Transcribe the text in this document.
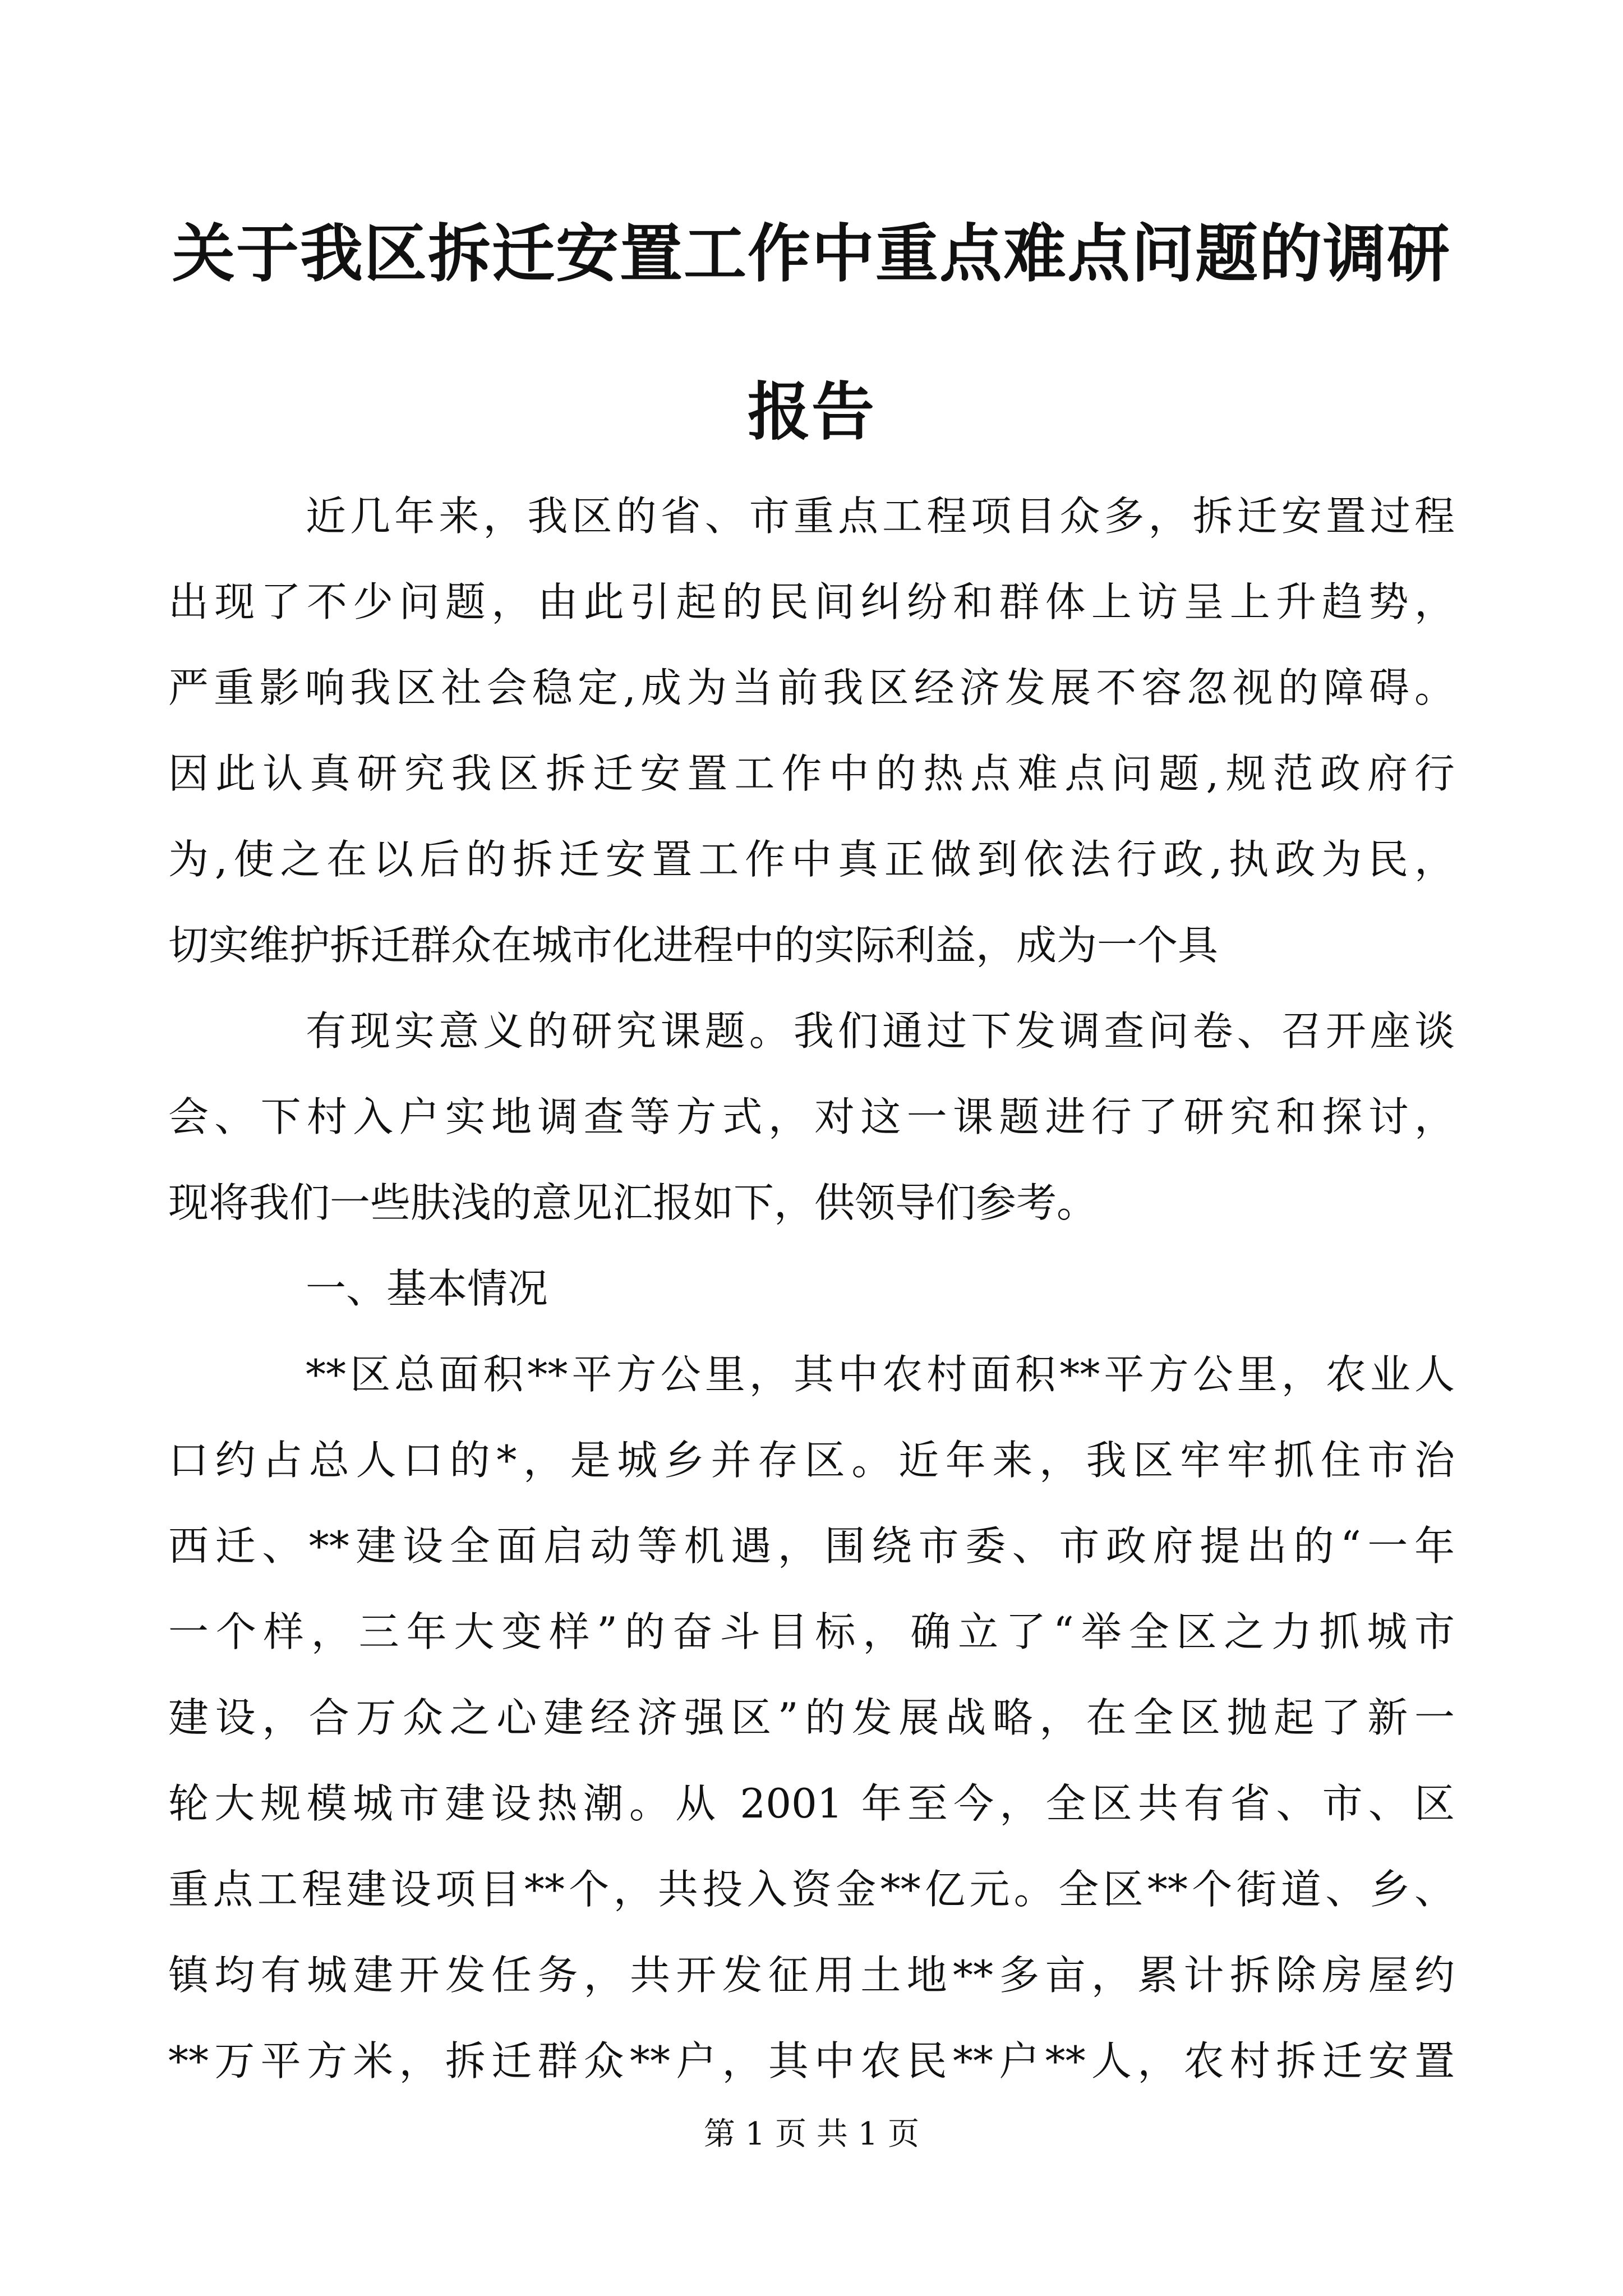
关于我区拆迁安置工作中重点难点问题的调研
报告

近几年来，我区的省、市重点工程项目众多，拆迁安置过程

出现了不少问题，由此引起的民间纠纷和群体上访呈上升趋势，

严重影响我区社会稳定,成为当前我区经济发展不容忽视的障碍。

因此认真研究我区拆迁安置工作中的热点难点问题,规范政府行

为,使之在以后的拆迁安置工作中真正做到依法行政,执政为民，

切实维护拆迁群众在城市化进程中的实际利益，成为一个具

有现实意义的研究课题。我们通过下发调查问卷、召开座谈

会、下村入户实地调查等方式，对这一课题进行了研究和探讨，

现将我们一些肤浅的意见汇报如下，供领导们参考。

一、基本情况

**区总面积**平方公里，其中农村面积**平方公里，农业人

口约占总人口的*，是城乡并存区。近年来，我区牢牢抓住市治

西迁、**建设全面启动等机遇，围绕市委、市政府提出的“一年

一个样，三年大变样”的奋斗目标，确立了“举全区之力抓城市

建设，合万众之心建经济强区”的发展战略，在全区抛起了新一

轮大规模城市建设热潮。从 2001 年至今，全区共有省、市、区

重点工程建设项目**个，共投入资金**亿元。全区**个街道、乡、

镇均有城建开发任务，共开发征用土地**多亩，累计拆除房屋约

**万平方米，拆迁群众**户，其中农民**户**人，农村拆迁安置

第 1 页 共 1 页
